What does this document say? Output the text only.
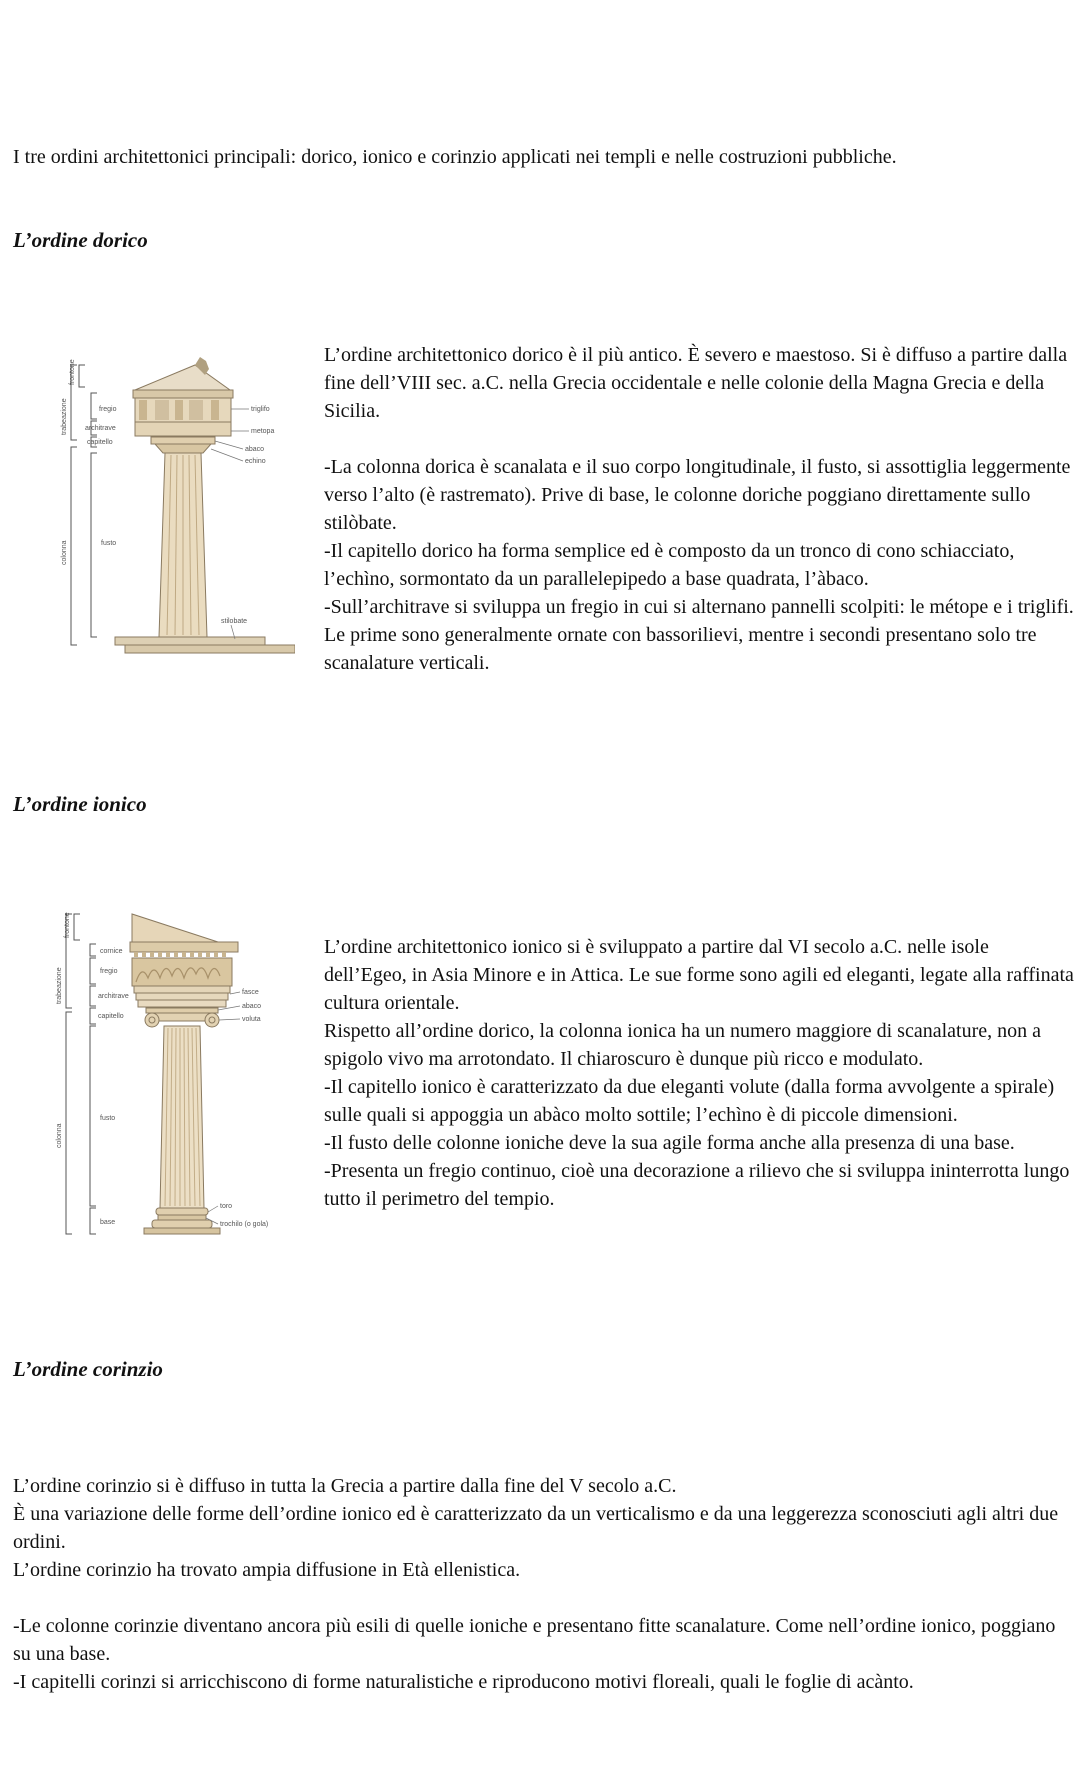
I tre ordini architettonici principali: dorico, ionico e corinzio applicati nei templi e nelle costruzioni pubbliche.
L’ordine dorico
trabeazione
frontone
colonna
fregio
architrave
capitello
fusto
triglifo
metopa
abaco
echino
stilobate

L’ordine architettonico dorico è il più antico. È severo e maestoso. Si è diffuso a partire dalla fine dell’VIII sec. a.C. nella Grecia occidentale e nelle colonie della Magna Grecia e della Sicilia.

-La colonna dorica è scanalata e il suo corpo longitudinale, il fusto, si assottiglia leggermente verso l’alto (è rastremato). Prive di base, le colonne doriche poggiano direttamente sullo stilòbate.

-Il capitello dorico ha forma semplice ed è composto da un tronco di cono schiacciato, l’echìno, sormontato da un parallelepipedo a base quadrata, l’àbaco.

-Sull’architrave si sviluppa un fregio in cui si alternano pannelli scolpiti: le métope e i triglifi. Le prime sono generalmente ornate con bassorilievi, mentre i secondi presentano solo tre scanalature verticali.

L’ordine ionico
trabeazione
frontone
colonna
cornice
fregio
architrave
capitello
fusto
base
fasce
abaco
voluta
toro
trochilo (o gola)

L’ordine architettonico ionico si è sviluppato a partire dal VI secolo a.C. nelle isole dell’Egeo, in Asia Minore e in Attica. Le sue forme sono agili ed eleganti, legate alla raffinata cultura orientale.

Rispetto all’ordine dorico, la colonna ionica ha un numero maggiore di scanalature, non a spigolo vivo ma arrotondato. Il chiaroscuro è dunque più ricco e modulato.

-Il capitello ionico è caratterizzato da due eleganti volute (dalla forma avvolgente a spirale) sulle quali si appoggia un abàco molto sottile; l’echìno è di piccole dimensioni.

-Il fusto delle colonne ioniche deve la sua agile forma anche alla presenza di una base.

-Presenta un fregio continuo, cioè una decorazione a rilievo che si sviluppa ininterrotta lungo tutto il perimetro del tempio.

L’ordine corinzio

L’ordine corinzio si è diffuso in tutta la Grecia a partire dalla fine del V secolo a.C.

È una variazione delle forme dell’ordine ionico ed è caratterizzato da un verticalismo e da una leggerezza sconosciuti agli altri due ordini.

L’ordine corinzio ha trovato ampia diffusione in Età ellenistica.

-Le colonne corinzie diventano ancora più esili di quelle ioniche e presentano fitte scanalature. Come nell’ordine ionico, poggiano su una base.

-I capitelli corinzi si arricchiscono di forme naturalistiche e riproducono motivi floreali, quali le foglie di acànto.
